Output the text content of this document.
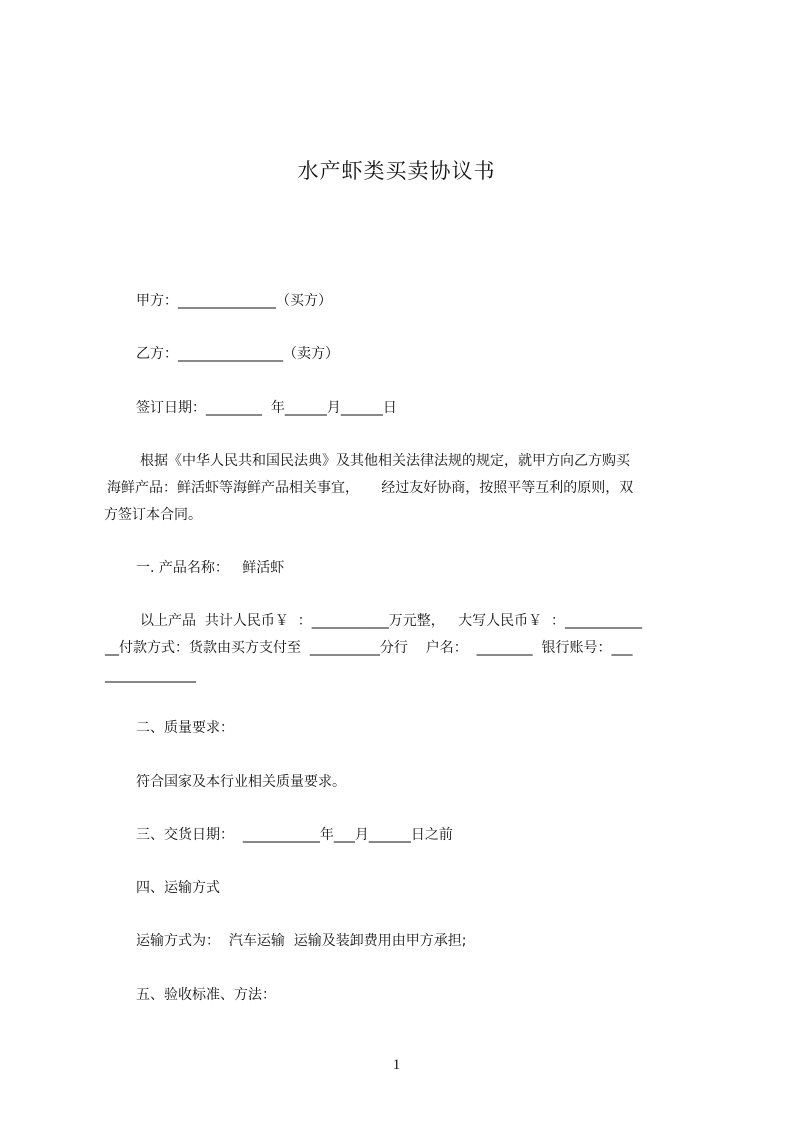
水产虾类买卖协议书
甲方：______________（买方）
乙方：_______________（卖方）
签订日期：________  年______月______日
根据《中华人民共和国民法典》及其他相关法律法规的规定，就甲方向乙方购买
海鲜产品：鲜活虾等海鲜产品相关事宜，     经过友好协商，按照平等互利的原则，双
方签订本合同。
一. 产品名称：   鲜活虾
以上产品  共计人民币￥  ：___________万元整，   大写人民币￥  ：___________
__付款方式：货款由买方支付至  __________分行    户名：  ________  银行账号：___
_____________
二、质量要求：
符合国家及本行业相关质量要求。
三、交货日期：  ___________年___月______日之前
四、运输方式
运输方式为：  汽车运输  运输及装卸费用由甲方承担;
五、验收标准、方法：
1
